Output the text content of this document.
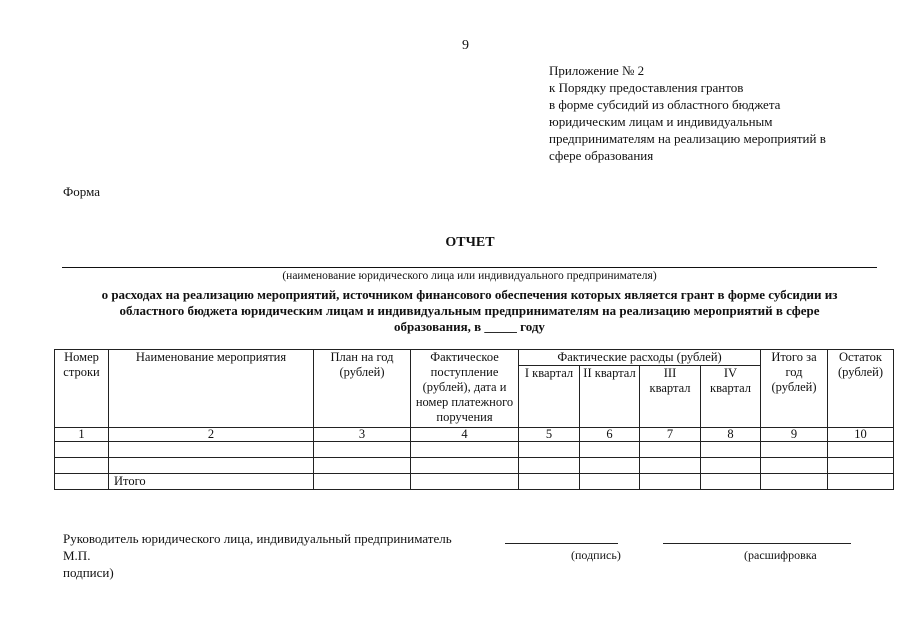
9
Приложение № 2
к Порядку предоставления грантов
в форме субсидий из областного бюджета
юридическим лицам и индивидуальным
предпринимателям на реализацию мероприятий в
сфере образования
Форма
ОТЧЕТ
(наименование юридического лица или индивидуального предпринимателя)
о расходах на реализацию мероприятий, источником финансового обеспечения которых является грант в форме субсидии из
областного бюджета юридическим лицам и индивидуальным предпринимателям на реализацию мероприятий в сфере
образования, в _____ году
Номер строки	Наименование мероприятия	План на год (рублей)	Фактическое поступление (рублей), дата и номер платежного поручения	Фактические расходы (рублей)				Итого за год (рублей)	Остаток (рублей)
				I квартал	II квартал	III квартал	IV квартал		
1	2	3	4	5	6	7	8	9	10

	Итого								
Руководитель юридического лица, индивидуальный предприниматель
М.П.
подписи)
(подпись)	(расшифровка
